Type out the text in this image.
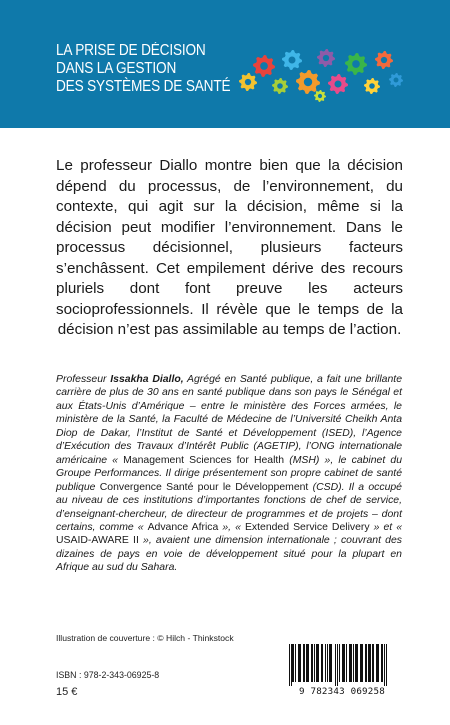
LA PRISE DE DÉCISION
DANS LA GESTION
DES SYSTÈMES DE SANTÉ
Le professeur Diallo montre bien que la décision dépend du processus, de l’environnement, du contexte, qui agit sur la décision, même si la décision peut modifier l’environnement. Dans le processus décisionnel, plusieurs facteurs s’enchâssent. Cet empilement dérive des recours pluriels dont font preuve les acteurs socioprofessionnels. Il révèle que le temps de la décision n’est pas assimilable au temps de l’action.
Professeur Issakha Diallo, Agrégé en Santé publique, a fait une brillante carrière de plus de 30 ans en santé publique dans son pays le Sénégal et aux États-Unis d’Amérique – entre le ministère des Forces armées, le ministère de la Santé, la Faculté de Médecine de l’Université Cheikh Anta Diop de Dakar, l’Institut de Santé et Développement (ISED), l’Agence d’Exécution des Travaux d’Intérêt Public (AGETIP), l’ONG internationale américaine « Management Sciences for Health (MSH) », le cabinet du Groupe Performances. Il dirige présentement son propre cabinet de santé publique Convergence Santé pour le Développement (CSD). Il a occupé au niveau de ces institutions d’importantes fonctions de chef de service, d’enseignant-chercheur, de directeur de programmes et de projets – dont certains, comme « Advance Africa », « Extended Service Delivery » et « USAID-AWARE II », avaient une dimension internationale ; couvrant des dizaines de pays en voie de développement situé pour la plupart en Afrique au sud du Sahara.
Illustration de couverture : © Hilch - Thinkstock
ISBN : 978-2-343-06925-8
15 €	9 782343 069258
